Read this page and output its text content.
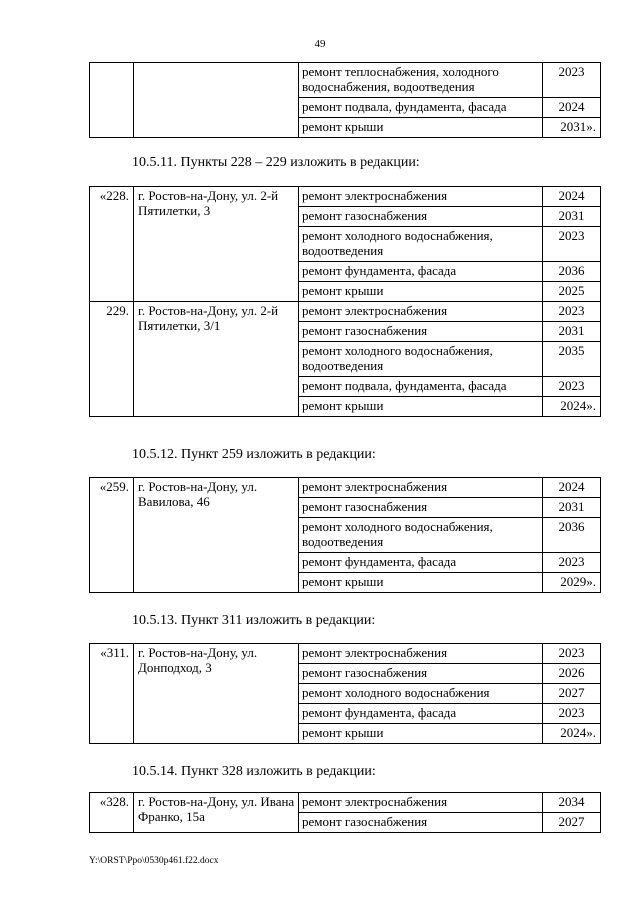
49
		ремонт теплоснабжения, холодного водоснабжения, водоотведения	2023
		ремонт подвала, фундамента, фасада	2024
		ремонт крыши	2031».
10.5.11. Пункты 228 – 229 изложить в редакции:
«228.	г. Ростов-на-Дону, ул. 2-й Пятилетки, 3	ремонт электроснабжения	2024
		ремонт газоснабжения	2031
		ремонт холодного водоснабжения, водоотведения	2023
		ремонт фундамента, фасада	2036
		ремонт крыши	2025
229.	г. Ростов-на-Дону, ул. 2-й Пятилетки, 3/1	ремонт электроснабжения	2023
		ремонт газоснабжения	2031
		ремонт холодного водоснабжения, водоотведения	2035
		ремонт подвала, фундамента, фасада	2023
		ремонт крыши	2024».
10.5.12. Пункт 259 изложить в редакции:
«259.	г. Ростов-на-Дону, ул. Вавилова, 46	ремонт электроснабжения	2024
		ремонт газоснабжения	2031
		ремонт холодного водоснабжения, водоотведения	2036
		ремонт фундамента, фасада	2023
		ремонт крыши	2029».
10.5.13. Пункт 311 изложить в редакции:
«311.	г. Ростов-на-Дону, ул. Донподход, 3	ремонт электроснабжения	2023
		ремонт газоснабжения	2026
		ремонт холодного водоснабжения	2027
		ремонт фундамента, фасада	2023
		ремонт крыши	2024».
10.5.14. Пункт 328 изложить в редакции:
«328.	г. Ростов-на-Дону, ул. Ивана Франко, 15а	ремонт электроснабжения	2034
		ремонт газоснабжения	2027
Y:\ORST\Ppo\0530p461.f22.docx
